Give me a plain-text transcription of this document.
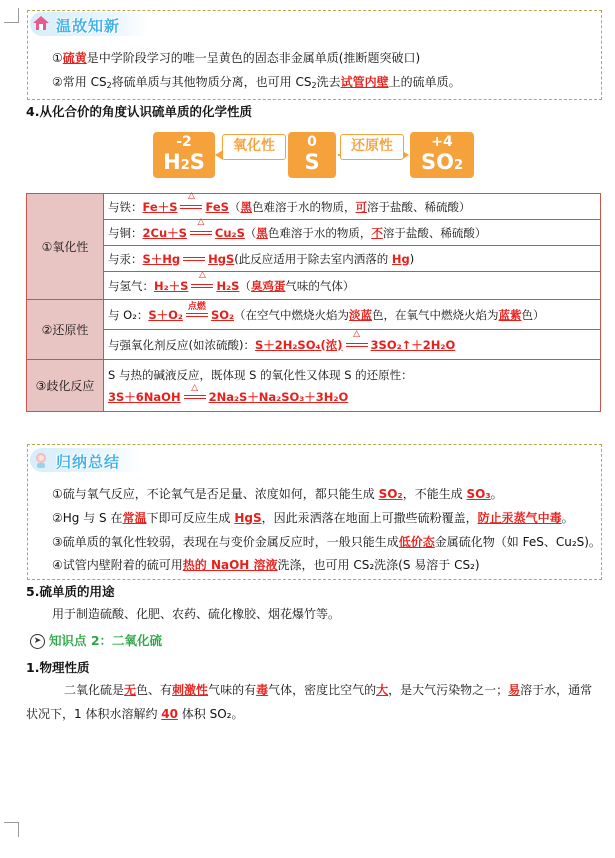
温故知新
①硫黄是中学阶段学习的唯一呈黄色的固态非金属单质(推断题突破口)
②常用 $CS_2$将硫单质与其他物质分离，也可用 $CS_2$洗去试管内壁上的硫单质。
4.从化合价的角度认识硫单质的化学性质
-2
H2S
0
S
+4
SO2
氧化性	还原性
①氧化性	与铁：Fe＋S
△
FeS（黑色难溶于水的物质，可溶于盐酸、稀硫酸）
	与铜：2Cu＋S
△
Cu₂S（黑色难溶于水的物质，不溶于盐酸、稀硫酸）
	与汞：S＋Hg HgS(此反应适用于除去室内洒落的 Hg)
	与氢气：H₂＋S
△
H₂S（臭鸡蛋气味的气体）
②还原性	与 O₂：S＋O₂
点燃
SO₂（在空气中燃烧火焰为淡蓝色，在氧气中燃烧火焰为蓝紫色）
	与强氧化剂反应(如浓硫酸)：S＋2H₂SO₄(浓)
△
3SO₂↑＋2H₂O
③歧化反应	S 与热的碱液反应，既体现 S 的氧化性又体现 S 的还原性：
3S＋6NaOH
△
2Na₂S＋Na₂SO₃＋3H₂O
归纳总结
①硫与氧气反应，不论氧气是否足量、浓度如何，都只能生成 SO₂，不能生成 SO₃。
②Hg 与 S 在常温下即可反应生成 HgS，因此汞洒落在地面上可撒些硫粉覆盖，防止汞蒸气中毒。
③硫单质的氧化性较弱，表现在与变价金属反应时，一般只能生成低价态金属硫化物（如 FeS、Cu₂S)。
④试管内壁附着的硫可用热的 NaOH 溶液洗涤，也可用 CS₂洗涤(S 易溶于 CS₂)
5.硫单质的用途
用于制造硫酸、化肥、农药、硫化橡胶、烟花爆竹等。
➤ 知识点 2：二氧化硫
1.物理性质
二氧化硫是无色、有刺激性气味的有毒气体，密度比空气的大，是大气污染物之一；易溶于水，通常
状况下，1 体积水溶解约 40 体积 SO₂。
